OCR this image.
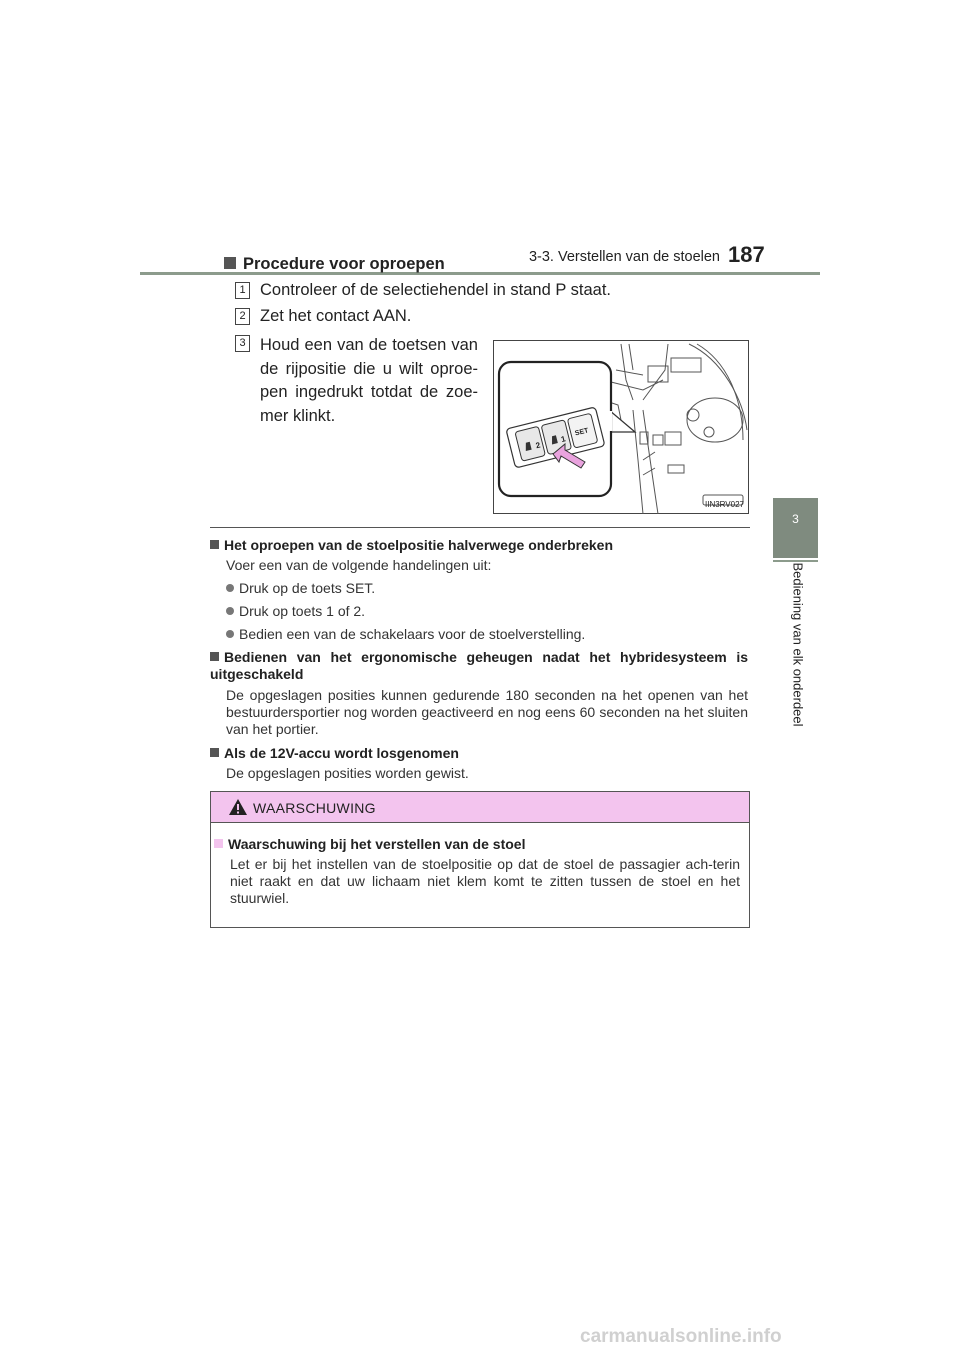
3-3. Verstellen van de stoelen 187
3
Bediening van elk onderdeel
Procedure voor oproepen
1 Controleer of de selectiehendel in stand P staat.
2 Zet het contact AAN.
3 Houd een van de toetsen van de rijpositie die u wilt oproe-pen ingedrukt totdat de zoe-mer klinkt.
2
1
SET
IIN3RV027
Het oproepen van de stoelpositie halverwege onderbreken
Voer een van de volgende handelingen uit:
Druk op de toets SET.
Druk op toets 1 of 2.
Bedien een van de schakelaars voor de stoelverstelling.
Bedienen van het ergonomische geheugen nadat het hybridesysteem is uitgeschakeld
De opgeslagen posities kunnen gedurende 180 seconden na het openen van het bestuurdersportier nog worden geactiveerd en nog eens 60 seconden na het sluiten van het portier.
Als de 12V-accu wordt losgenomen
De opgeslagen posities worden gewist.
WAARSCHUWING
Waarschuwing bij het verstellen van de stoel
Let er bij het instellen van de stoelpositie op dat de stoel de passagier ach-terin niet raakt en dat uw lichaam niet klem komt te zitten tussen de stoel en het stuurwiel.
carmanualsonline.info
